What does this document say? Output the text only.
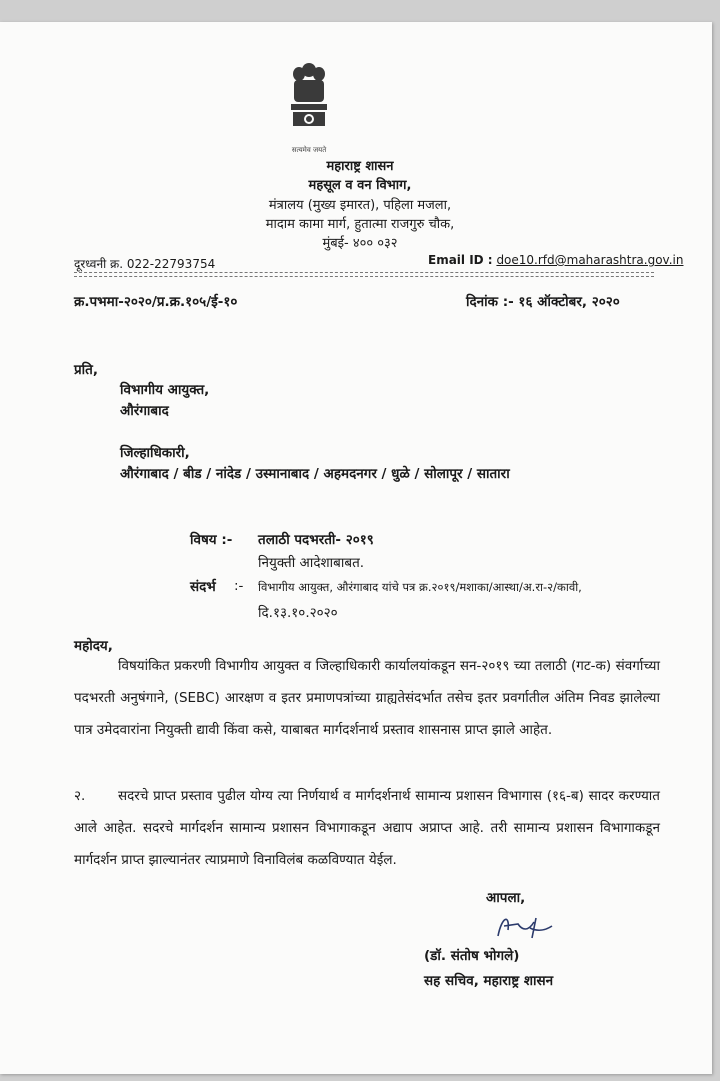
सत्यमेव जयते
महाराष्ट्र शासन
महसूल व वन विभाग,
मंत्रालय (मुख्य इमारत), पहिला मजला,
मादाम कामा मार्ग, हुतात्मा राजगुरु चौक,
मुंबई- ४०० ०३२
दूरध्वनी क्र. 022-22793754	Email ID : doe10.rfd@maharashtra.gov.in
क्र.पभमा-२०२०/प्र.क्र.१०५/ई-१०	दिनांक :- १६ ऑक्टोबर, २०२०
प्रति,
विभागीय आयुक्त,
औरंगाबाद
जिल्हाधिकारी,
औरंगाबाद / बीड / नांदेड / उस्मानाबाद / अहमदनगर / धुळे / सोलापूर / सातारा
विषय :- तलाठी पदभरती- २०१९
नियुक्ती आदेशाबाबत.
संदर्भ :- विभागीय आयुक्त, औरंगाबाद यांचे पत्र क्र.२०१९/मशाका/आस्था/अ.रा-२/कावी,
दि.१३.१०.२०२०
महोदय,
विषयांकित प्रकरणी विभागीय आयुक्त व जिल्हाधिकारी कार्यालयांकडून सन-२०१९ च्या तलाठी (गट-क) संवर्गाच्या पदभरती अनुषंगाने, (SEBC) आरक्षण व इतर प्रमाणपत्रांच्या ग्राह्यतेसंदर्भात तसेच इतर प्रवर्गातील अंतिम निवड झालेल्या पात्र उमेदवारांना नियुक्ती द्यावी किंवा कसे, याबाबत मार्गदर्शनार्थ प्रस्ताव शासनास प्राप्त झाले आहेत.
२. सदरचे प्राप्त प्रस्ताव पुढील योग्य त्या निर्णयार्थ व मार्गदर्शनार्थ सामान्य प्रशासन विभागास (१६-ब) सादर करण्यात आले आहेत. सदरचे मार्गदर्शन सामान्य प्रशासन विभागाकडून अद्याप अप्राप्त आहे. तरी सामान्य प्रशासन विभागाकडून मार्गदर्शन प्राप्त झाल्यानंतर त्याप्रमाणे विनाविलंब कळविण्यात येईल.
आपला,
(डॉ. संतोष भोगले)
सह सचिव, महाराष्ट्र शासन
